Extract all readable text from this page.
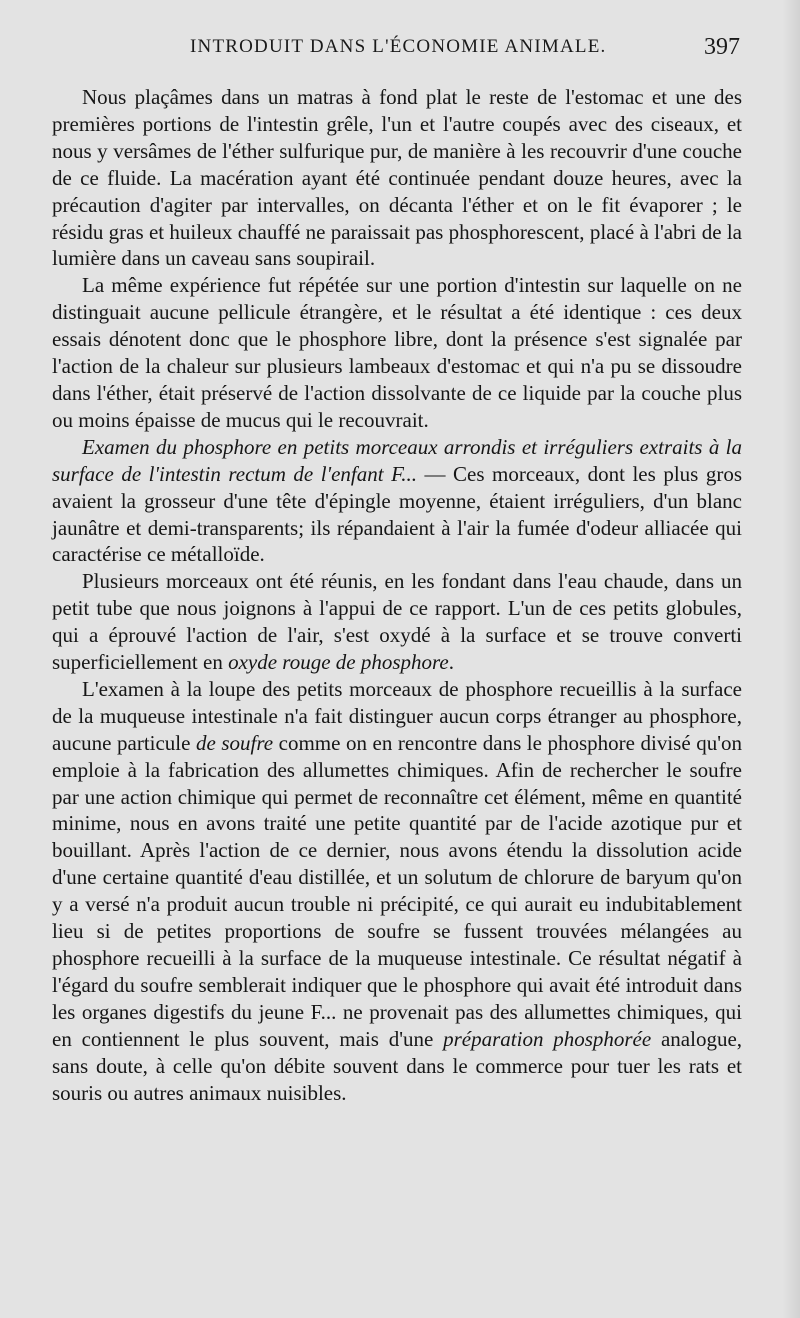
INTRODUIT DANS L'ÉCONOMIE ANIMALE.	397

Nous plaçâmes dans un matras à fond plat le reste de l'estomac et une des premières portions de l'intestin grêle, l'un et l'autre coupés avec des ciseaux, et nous y versâmes de l'éther sulfurique pur, de manière à les recouvrir d'une couche de ce fluide. La macération ayant été continuée pendant douze heures, avec la précaution d'agiter par intervalles, on décanta l'éther et on le fit évaporer ; le résidu gras et huileux chauffé ne paraissait pas phosphorescent, placé à l'abri de la lumière dans un caveau sans soupirail.

La même expérience fut répétée sur une portion d'intestin sur laquelle on ne distinguait aucune pellicule étrangère, et le résultat a été identique : ces deux essais dénotent donc que le phosphore libre, dont la présence s'est signalée par l'action de la chaleur sur plusieurs lambeaux d'estomac et qui n'a pu se dissoudre dans l'éther, était préservé de l'action dissolvante de ce liquide par la couche plus ou moins épaisse de mucus qui le recouvrait.

Examen du phosphore en petits morceaux arrondis et irréguliers extraits à la surface de l'intestin rectum de l'enfant F... — Ces morceaux, dont les plus gros avaient la grosseur d'une tête d'épingle moyenne, étaient irréguliers, d'un blanc jaunâtre et demi-transparents; ils répandaient à l'air la fumée d'odeur alliacée qui caractérise ce métalloïde.

Plusieurs morceaux ont été réunis, en les fondant dans l'eau chaude, dans un petit tube que nous joignons à l'appui de ce rapport. L'un de ces petits globules, qui a éprouvé l'action de l'air, s'est oxydé à la surface et se trouve converti superficiellement en oxyde rouge de phosphore.

L'examen à la loupe des petits morceaux de phosphore recueillis à la surface de la muqueuse intestinale n'a fait distinguer aucun corps étranger au phosphore, aucune particule de soufre comme on en rencontre dans le phosphore divisé qu'on emploie à la fabrication des allumettes chimiques. Afin de rechercher le soufre par une action chimique qui permet de reconnaître cet élément, même en quantité minime, nous en avons traité une petite quantité par de l'acide azotique pur et bouillant. Après l'action de ce dernier, nous avons étendu la dissolution acide d'une certaine quantité d'eau distillée, et un solutum de chlorure de baryum qu'on y a versé n'a produit aucun trouble ni précipité, ce qui aurait eu indubitablement lieu si de petites proportions de soufre se fussent trouvées mélangées au phosphore recueilli à la surface de la muqueuse intestinale. Ce résultat négatif à l'égard du soufre semblerait indiquer que le phosphore qui avait été introduit dans les organes digestifs du jeune F... ne provenait pas des allumettes chimiques, qui en contiennent le plus souvent, mais d'une préparation phosphorée analogue, sans doute, à celle qu'on débite souvent dans le commerce pour tuer les rats et souris ou autres animaux nuisibles.
